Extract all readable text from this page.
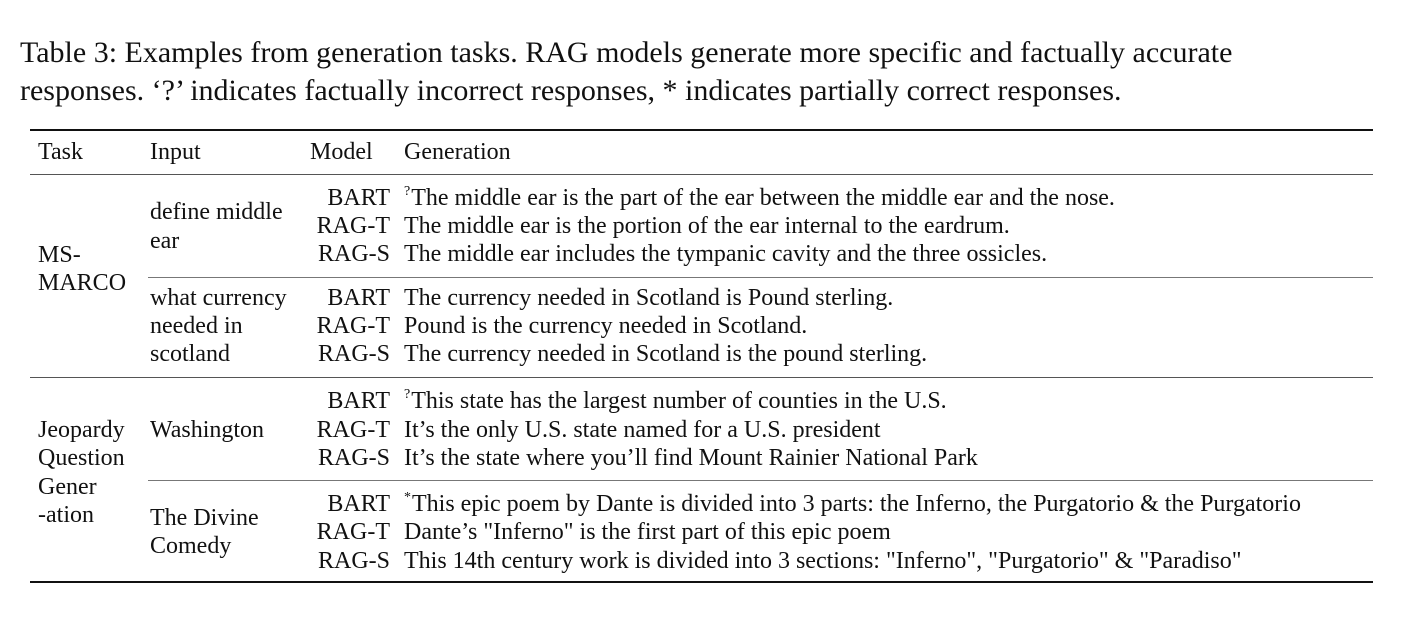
Table 3: Examples from generation tasks. RAG models generate more specific and factually accurate
responses. ‘?’ indicates factually incorrect responses, * indicates partially correct responses.
Task	Input	Model Generation
MS-
MARCO
define middle
ear
BART ?The middle ear is the part of the ear between the middle ear and the nose.
RAG-T The middle ear is the portion of the ear internal to the eardrum.
RAG-S The middle ear includes the tympanic cavity and the three ossicles.
what currency
needed in
scotland
BART The currency needed in Scotland is Pound sterling.
RAG-T Pound is the currency needed in Scotland.
RAG-S The currency needed in Scotland is the pound sterling.
Jeopardy
Question
Gener
-ation
Washington
BART ?This state has the largest number of counties in the U.S.
RAG-T It’s the only U.S. state named for a U.S. president
RAG-S It’s the state where you’ll find Mount Rainier National Park
The Divine
Comedy
BART *This epic poem by Dante is divided into 3 parts: the Inferno, the Purgatorio & the Purgatorio
RAG-T Dante’s "Inferno" is the first part of this epic poem
RAG-S This 14th century work is divided into 3 sections: "Inferno", "Purgatorio" & "Paradiso"
